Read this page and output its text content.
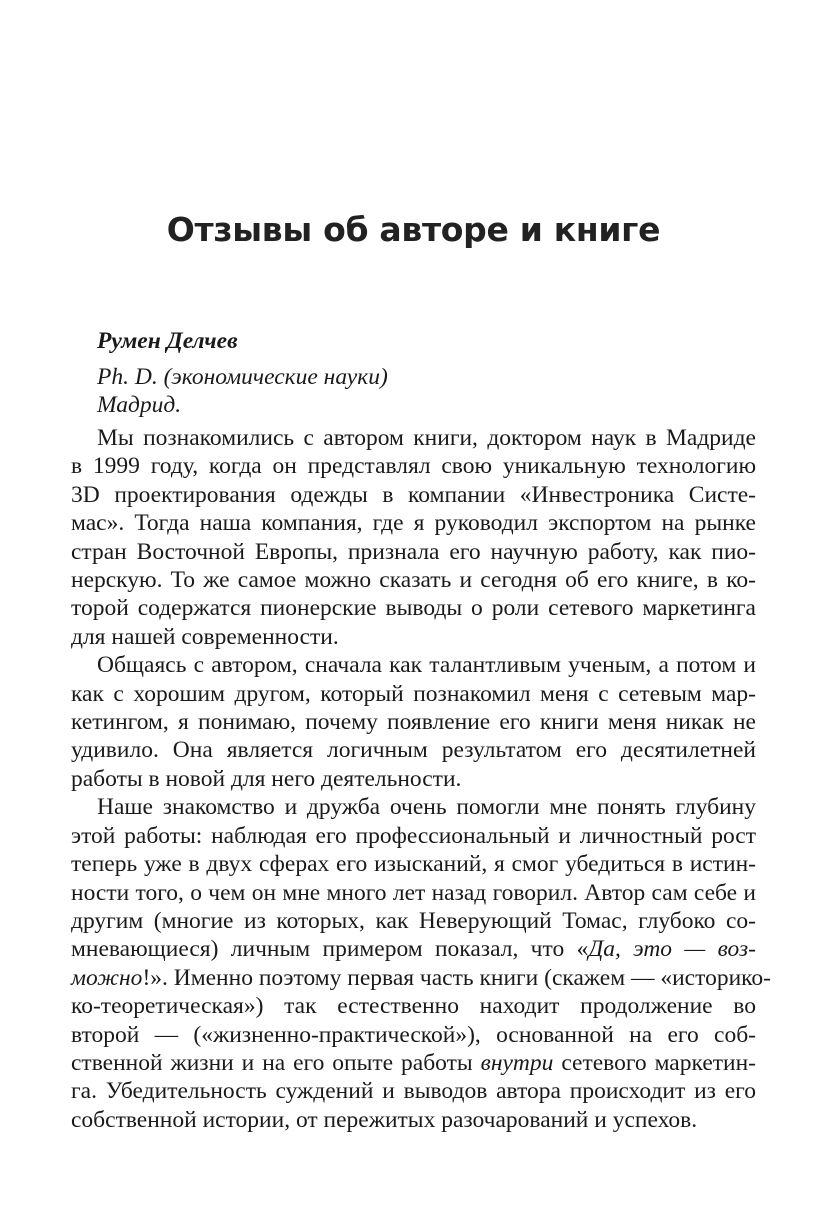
Отзывы об авторе и книге
Румен Делчев
Ph. D. (экономические науки)
Мадрид.
Мы познакомились с автором книги, доктором наук в Мадриде
в 1999 году, когда он представлял свою уникальную технологию
3D проектирования одежды в компании «Инвестроника Систе-
мас». Тогда наша компания, где я руководил экспортом на рынке
стран Восточной Европы, признала его научную работу, как пио-
нерскую. То же самое можно сказать и сегодня об его книге, в ко-
торой содержатся пионерские выводы о роли сетевого маркетинга
для нашей современности.
Общаясь с автором, сначала как талантливым ученым, а потом и
как с хорошим другом, который познакомил меня с сетевым мар-
кетингом, я понимаю, почему появление его книги меня никак не
удивило. Она является логичным результатом его десятилетней
работы в новой для него деятельности.
Наше знакомство и дружба очень помогли мне понять глубину
этой работы: наблюдая его профессиональный и личностный рост
теперь уже в двух сферах его изысканий, я смог убедиться в истин-
ности того, о чем он мне много лет назад говорил. Автор сам себе и
другим (многие из которых, как Неверующий Томас, глубоко со-
мневающиеся) личным примером показал, что «Да, это — воз-
можно!». Именно поэтому первая часть книги (скажем — «историко-
ко-теоретическая») так естественно находит продолжение во
второй — («жизненно-практической»), основанной на его соб-
ственной жизни и на его опыте работы внутри сетевого маркетин-
га. Убедительность суждений и выводов автора происходит из его
собственной истории, от пережитых разочарований и успехов.
